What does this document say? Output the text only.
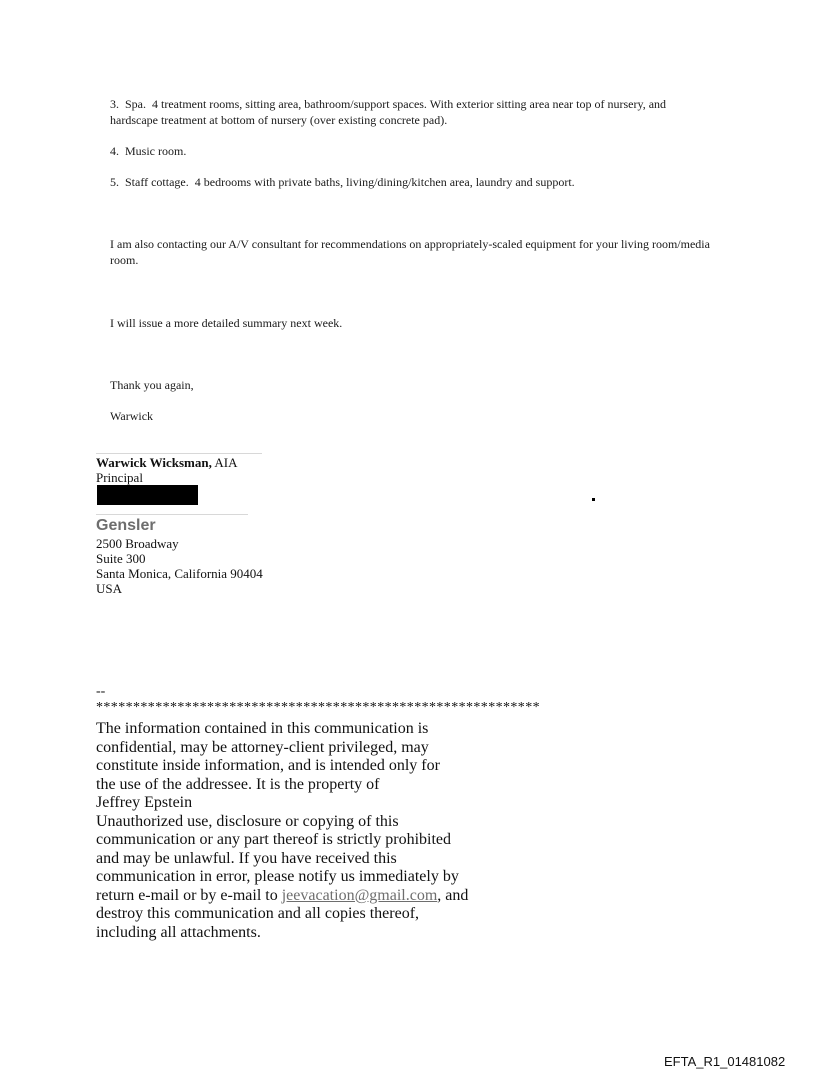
3.  Spa.  4 treatment rooms, sitting area, bathroom/support spaces. With exterior sitting area near top of nursery, and hardscape treatment at bottom of nursery (over existing concrete pad).

4.  Music room.

5.  Staff cottage.  4 bedrooms with private baths, living/dining/kitchen area, laundry and support.

I am also contacting our A/V consultant for recommendations on appropriately-scaled equipment for your living room/media room.

I will issue a more detailed summary next week.

Thank you again,

Warwick

Warwick Wicksman, AIA
Principal
Gensler
2500 Broadway
Suite 300
Santa Monica, California 90404
USA
--
************************************************************
The information contained in this communication is
confidential, may be attorney-client privileged, may
constitute inside information, and is intended only for
the use of the addressee. It is the property of
Jeffrey Epstein
Unauthorized use, disclosure or copying of this
communication or any part thereof is strictly prohibited
and may be unlawful. If you have received this
communication in error, please notify us immediately by
return e-mail or by e-mail to jeevacation@gmail.com, and
destroy this communication and all copies thereof,
including all attachments.
EFTA_R1_01481082
